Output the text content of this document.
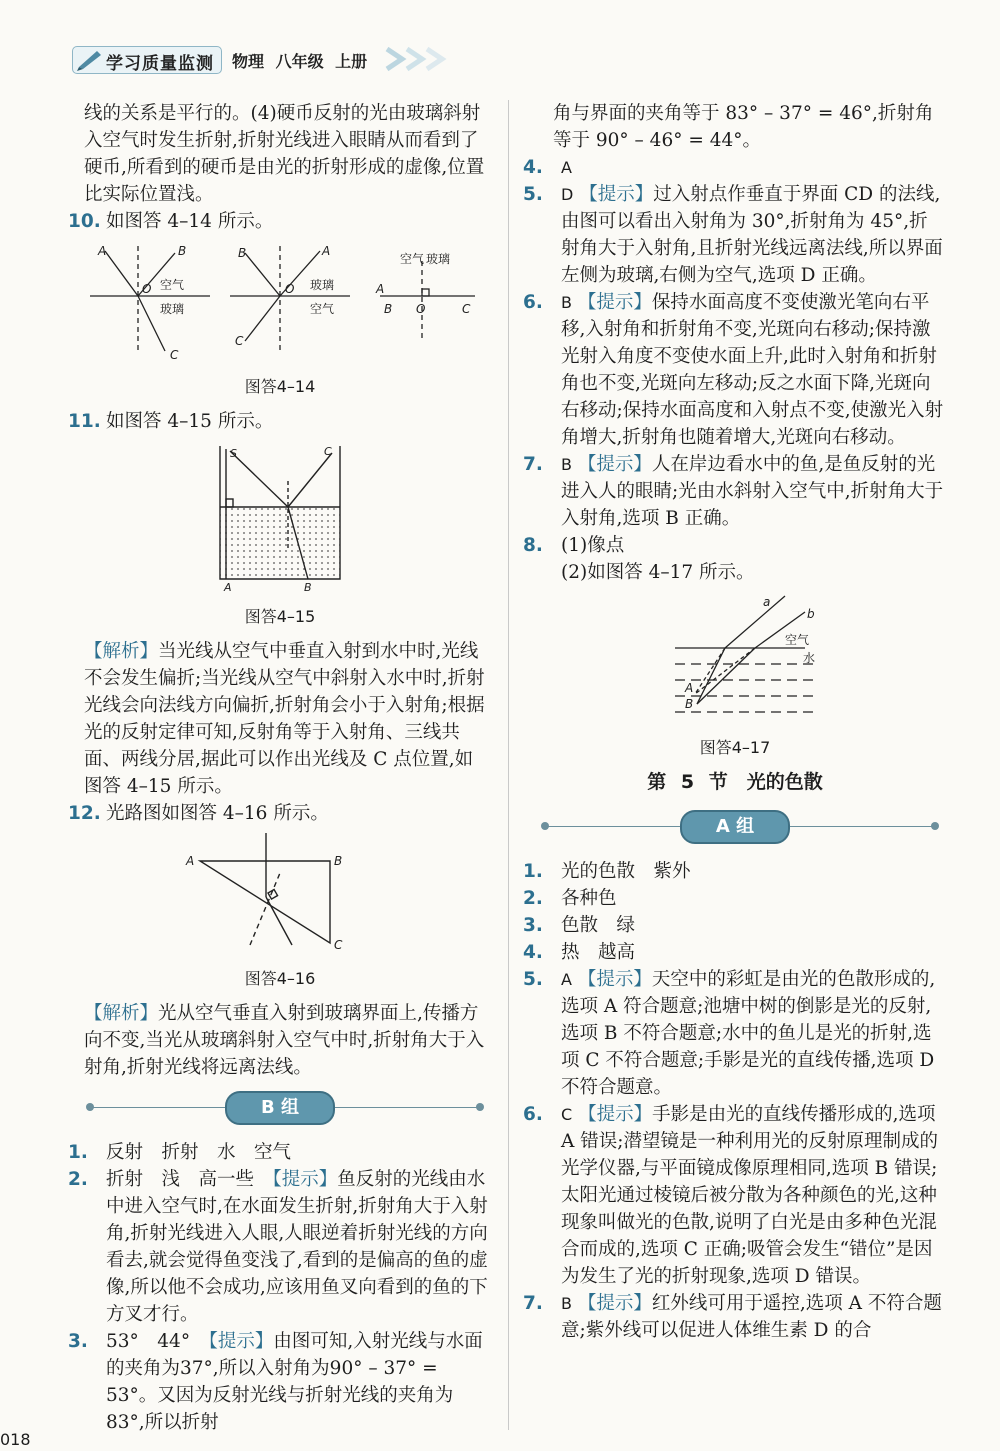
学习质量监测 物理 八年级 上册

线的关系是平行的。(4)硬币反射的光由玻璃斜射入空气时发生折射,折射光线进入眼睛从而看到了硬币,所看到的硬币是由光的折射形成的虚像,位置比实际位置浅。

10. 如图答 4–14 所示。
A	B
O 空气
玻璃
C
B	A
O 玻璃
空气
C
空气 玻璃
A
B O	C

图答4–14

11. 如图答 4–15 所示。
S	C
A	B

图答4–15

【解析】当光线从空气中垂直入射到水中时,光线不会发生偏折;当光线从空气中斜射入水中时,折射光线会向法线方向偏折,折射角会小于入射角;根据光的反射定律可知,反射角等于入射角、三线共面、两线分居,据此可以作出光线及 C 点位置,如图答 4–15 所示。

12. 光路图如图答 4–16 所示。
A	B
C

图答4–16

【解析】光从空气垂直入射到玻璃界面上,传播方向不变,当光从玻璃斜射入空气中时,折射角大于入射角,折射光线将远离法线。

B 组
1. 反射　折射　水　空气
2. 折射　浅　高一些　【提示】鱼反射的光线由水中进入空气时,在水面发生折射,折射角大于入射角,折射光线进入人眼,人眼逆着折射光线的方向看去,就会觉得鱼变浅了,看到的是偏高的鱼的虚像,所以他不会成功,应该用鱼叉向看到的鱼的下方叉才行。
3. 53°　44°　【提示】由图可知,入射光线与水面的夹角为37°,所以入射角为90° – 37° = 53°。又因为反射光线与折射光线的夹角为83°,所以折射

角与界面的夹角等于 83° – 37° = 46°,折射角等于 90° – 46° = 44°。

4. A
5. D 【提示】过入射点作垂直于界面 CD 的法线,由图可以看出入射角为 30°,折射角为 45°,折射角大于入射角,且折射光线远离法线,所以界面左侧为玻璃,右侧为空气,选项 D 正确。
6. B 【提示】保持水面高度不变使激光笔向右平移,入射角和折射角不变,光斑向右移动;保持激光射入角度不变使水面上升,此时入射角和折射角也不变,光斑向左移动;反之水面下降,光斑向右移动;保持水面高度和入射点不变,使激光入射角增大,折射角也随着增大,光斑向右移动。
7. B 【提示】人在岸边看水中的鱼,是鱼反射的光进入人的眼睛;光由水斜射入空气中,折射角大于入射角,选项 B 正确。
8. (1)像点
(2)如图答 4–17 所示。
a
b
空气
水
A
B

图答4–17

第 5 节　光的色散

A 组
1. 光的色散　紫外
2. 各种色
3. 色散　绿
4. 热　越高
5. A 【提示】天空中的彩虹是由光的色散形成的,选项 A 符合题意;池塘中树的倒影是光的反射,选项 B 不符合题意;水中的鱼儿是光的折射,选项 C 不符合题意;手影是光的直线传播,选项 D 不符合题意。
6. C 【提示】手影是由光的直线传播形成的,选项 A 错误;潜望镜是一种利用光的反射原理制成的光学仪器,与平面镜成像原理相同,选项 B 错误;太阳光通过棱镜后被分散为各种颜色的光,这种现象叫做光的色散,说明了白光是由多种色光混合而成的,选项 C 正确;吸管会发生“错位”是因为发生了光的折射现象,选项 D 错误。
7. B 【提示】红外线可用于遥控,选项 A 不符合题意;紫外线可以促进人体维生素 D 的合
018
